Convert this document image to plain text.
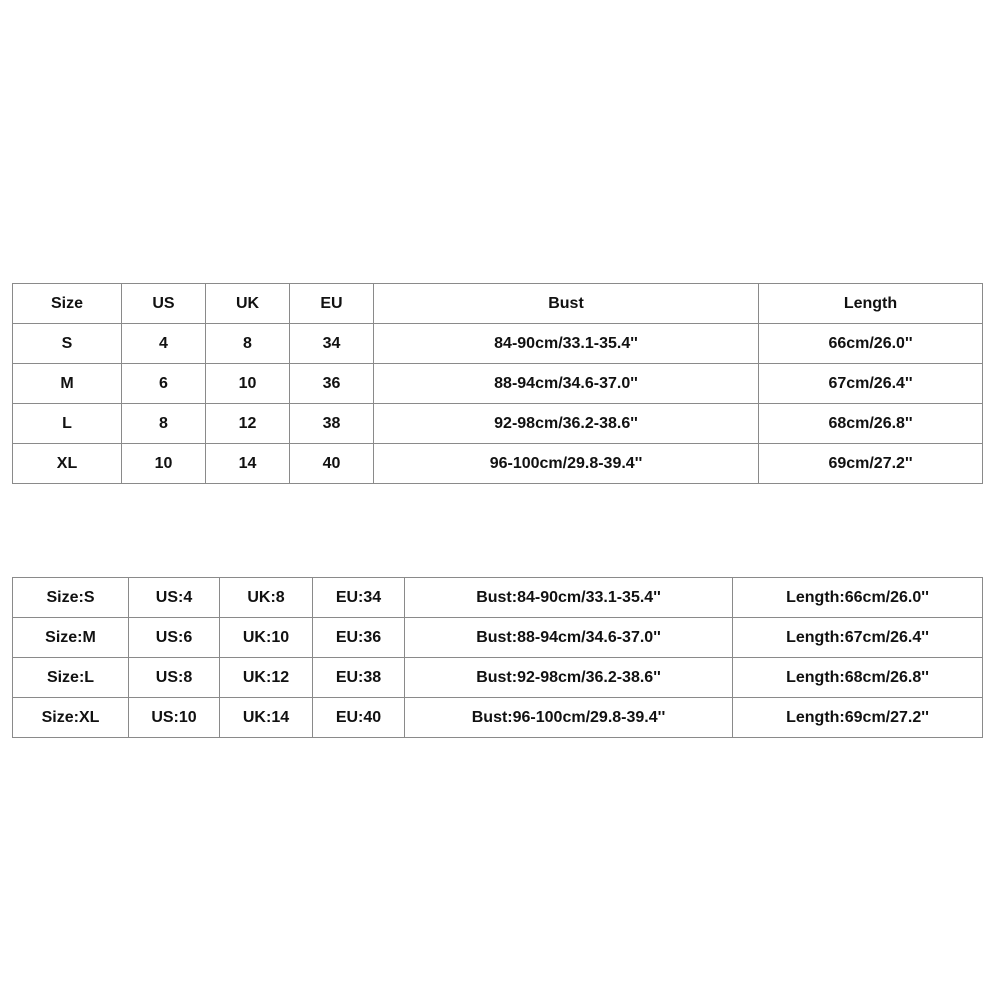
Size	US	UK	EU	Bust	Length
S	4	8	34	84-90cm/33.1-35.4''	66cm/26.0''
M	6	10	36	88-94cm/34.6-37.0''	67cm/26.4''
L	8	12	38	92-98cm/36.2-38.6''	68cm/26.8''
XL	10	14	40	96-100cm/29.8-39.4''	69cm/27.2''
Size:S	US:4	UK:8	EU:34	Bust:84-90cm/33.1-35.4''	Length:66cm/26.0''
Size:M	US:6	UK:10	EU:36	Bust:88-94cm/34.6-37.0''	Length:67cm/26.4''
Size:L	US:8	UK:12	EU:38	Bust:92-98cm/36.2-38.6''	Length:68cm/26.8''
Size:XL	US:10	UK:14	EU:40	Bust:96-100cm/29.8-39.4''	Length:69cm/27.2''
